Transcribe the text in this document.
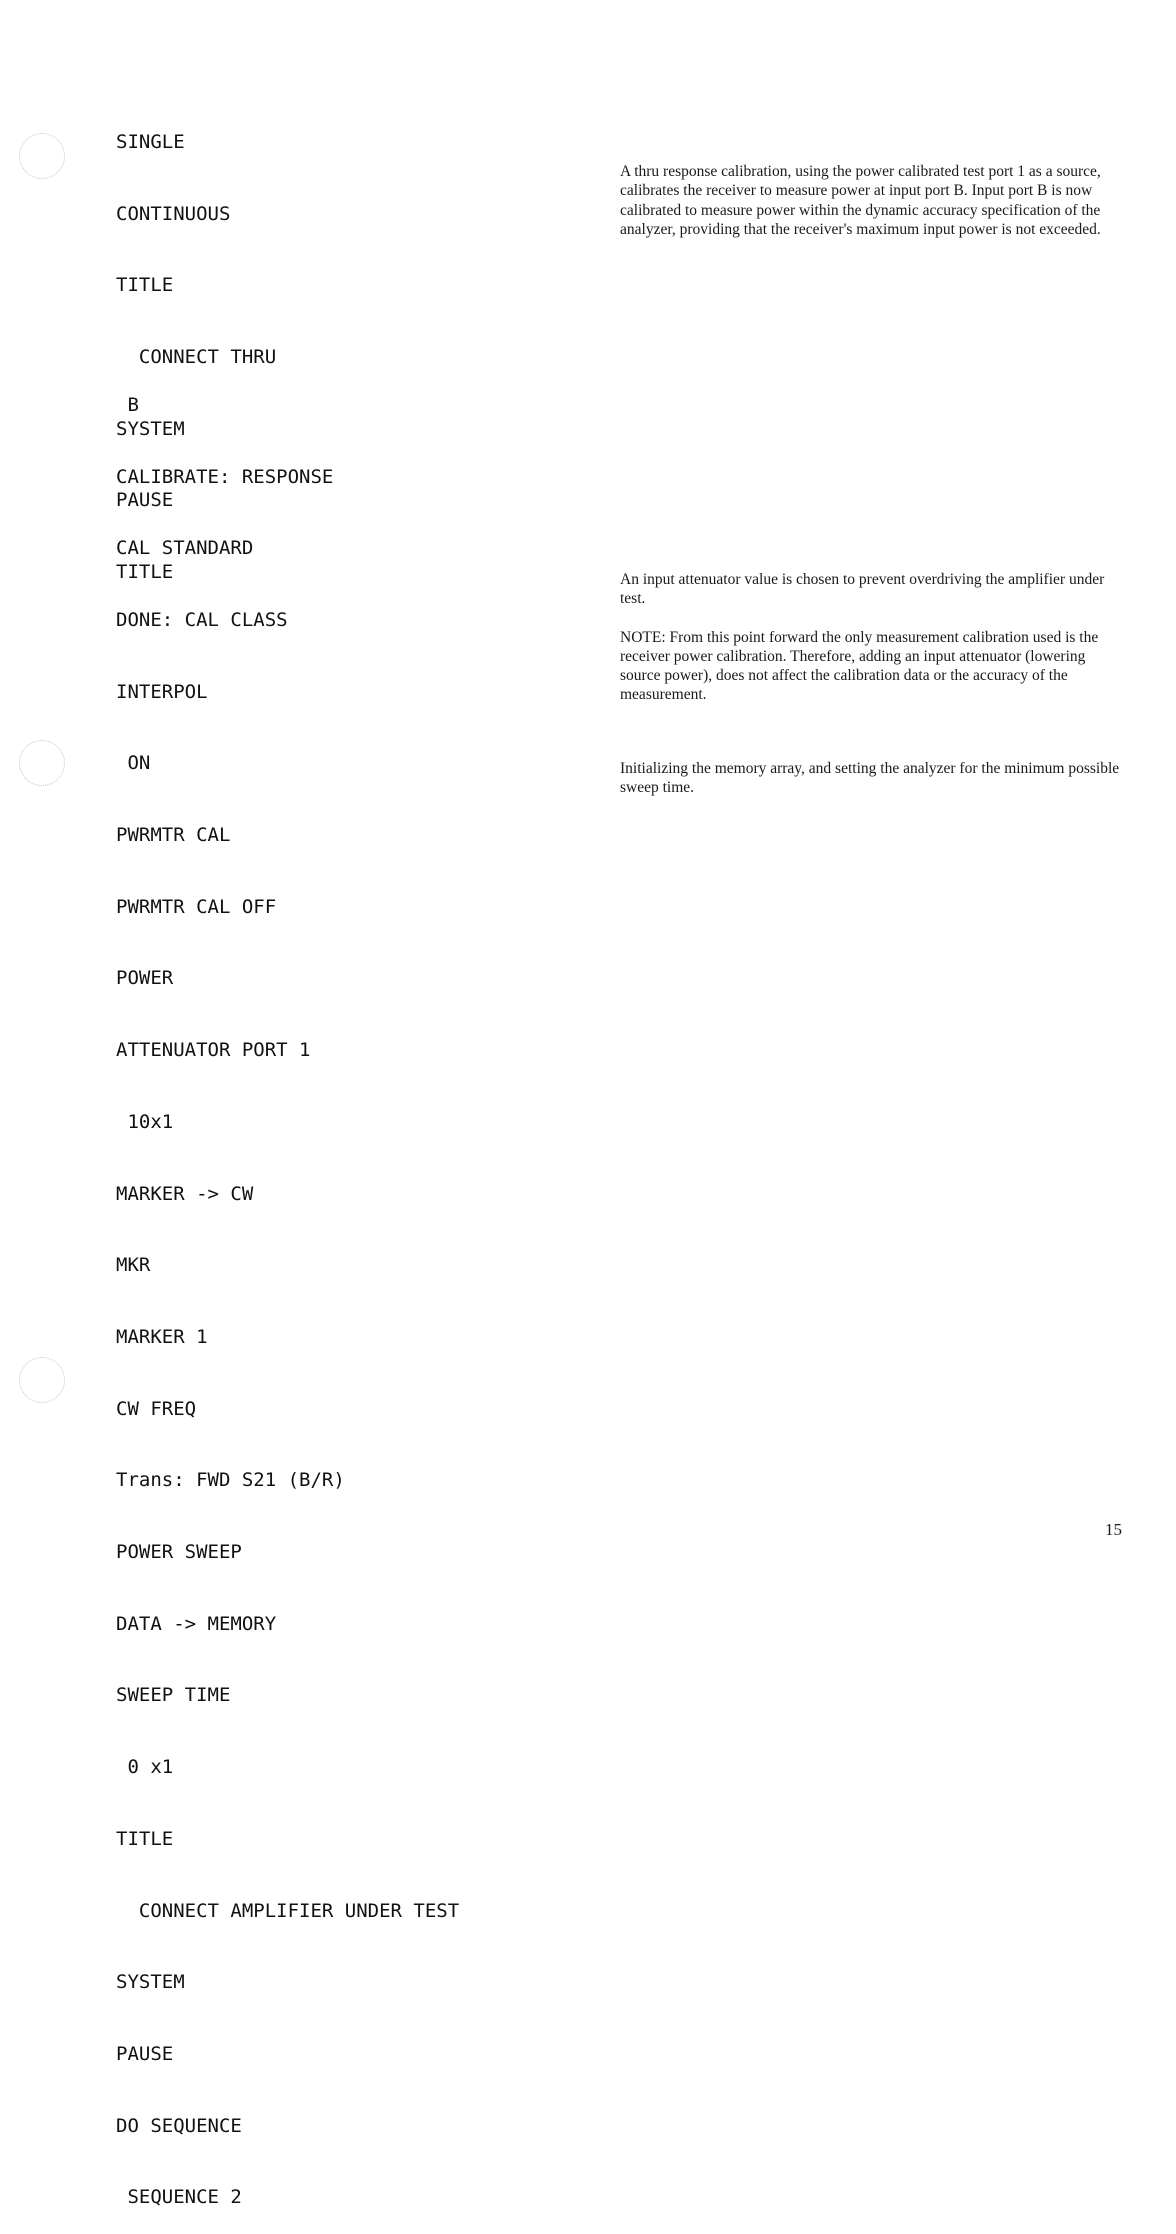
SINGLE

CONTINUOUS

TITLE

CONNECT THRU

SYSTEM

PAUSE

TITLE

B

CALIBRATE: RESPONSE

CAL STANDARD

DONE: CAL CLASS

INTERPOL

ON

PWRMTR CAL

PWRMTR CAL OFF

POWER

ATTENUATOR PORT 1

10x1

MARKER -> CW

MKR

MARKER 1

CW FREQ

Trans: FWD S21 (B/R)

POWER SWEEP

DATA -> MEMORY

SWEEP TIME

0 x1

TITLE

CONNECT AMPLIFIER UNDER TEST

SYSTEM

PAUSE

DO SEQUENCE

SEQUENCE 2

A thru response calibration, using the power calibrated test port 1 as a source, calibrates the receiver to measure power at input port B. Input port B is now calibrated to measure power within the dynamic accuracy specification of the analyzer, providing that the receiver's maximum input power is not exceeded.

An input attenuator value is chosen to prevent overdriving the amplifier under test.

NOTE: From this point forward the only measurement calibration used is the receiver power calibration. Therefore, adding an input attenuator (lowering source power), does not affect the calibration data or the accuracy of the measurement.

Initializing the memory array, and setting the analyzer for the minimum possible sweep time.

15
